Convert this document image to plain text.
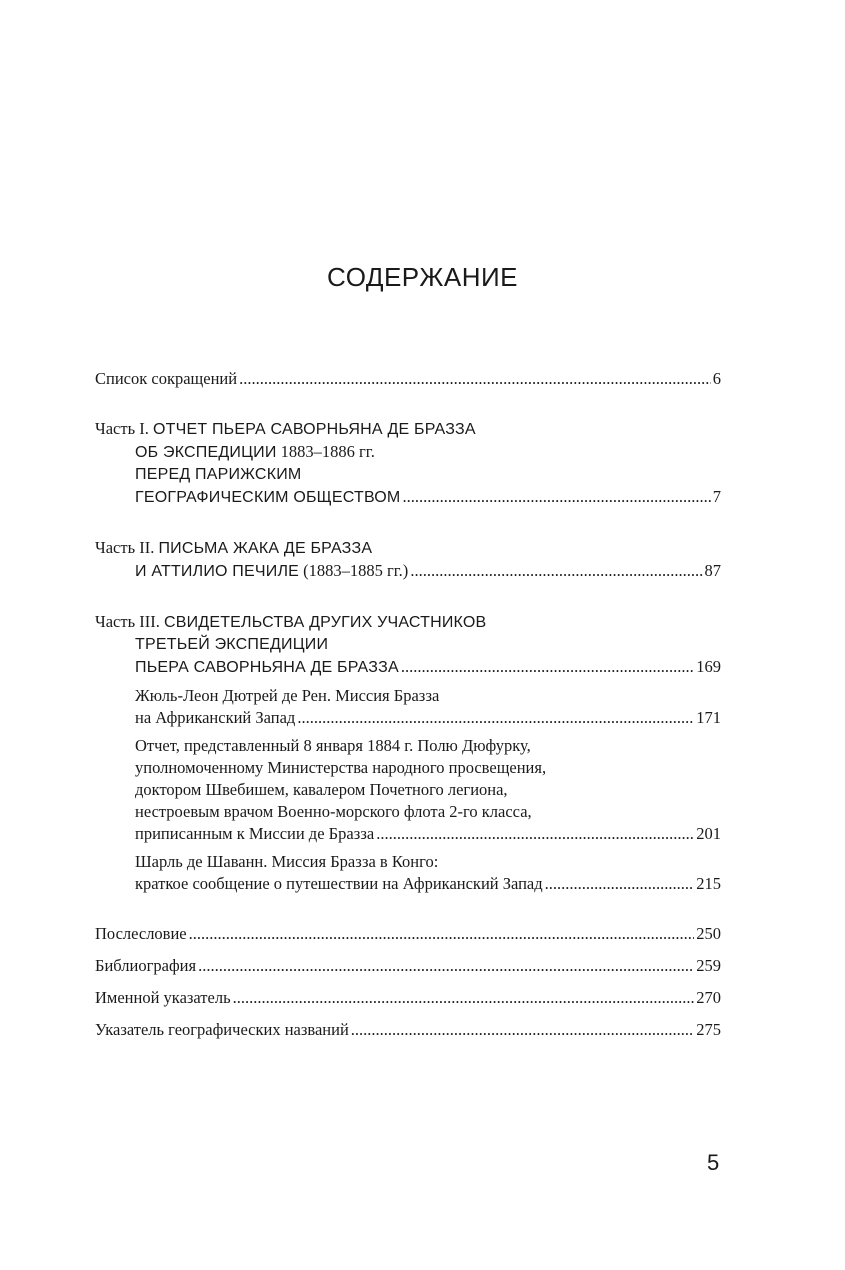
СОДЕРЖАНИЕ
Список сокращений .....	6
Часть I.
ОТЧЕТ ПЬЕРА САВОРНЬЯНА ДЕ БРАЗЗА
ОБ ЭКСПЕДИЦИИ
1883–1886 гг.
ПЕРЕД ПАРИЖСКИМ
ГЕОГРАФИЧЕСКИМ ОБЩЕСТВОМ .....	7
Часть II.
ПИСЬМА ЖАКА ДЕ БРАЗЗА
И АТТИЛИО ПЕЧИЛЕ
(1883–1885 гг.) .....	87
Часть III.
СВИДЕТЕЛЬСТВА ДРУГИХ УЧАСТНИКОВ
ТРЕТЬЕЙ ЭКСПЕДИЦИИ
ПЬЕРА САВОРНЬЯНА ДЕ БРАЗЗА .....	169
Жюль-Леон Дютрей де Рен. Миссия Бразза
на Африканский Запад .....	171
Отчет, представленный 8 января 1884 г. Полю Дюфурку,
уполномоченному Министерства народного просвещения,
доктором Швебишем, кавалером Почетного легиона,
нестроевым врачом Военно-морского флота 2-го класса,
приписанным к Миссии де Бразза .....	201
Шарль де Шаванн. Миссия Бразза в Конго:
краткое сообщение о путешествии на Африканский Запад .....	215
Послесловие .....	250
Библиография .....	259
Именной указатель .....	270
Указатель географических названий .....	275
5
